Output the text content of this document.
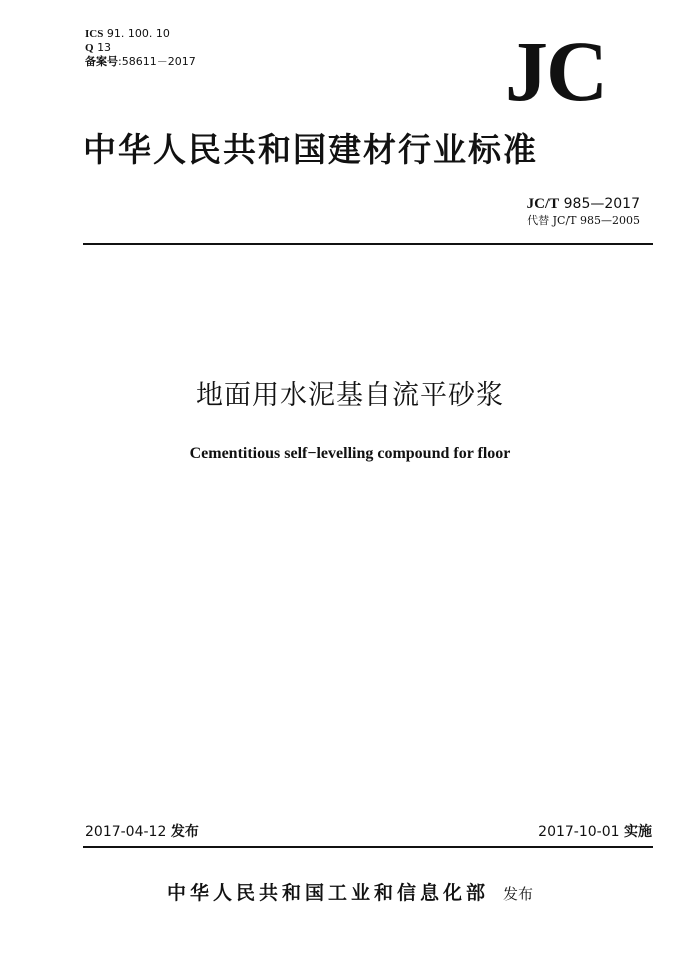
ICS 91. 100. 10
Q 13
备案号:58611－2017	JC
中华人民共和国建材行业标准
JC/T 985—2017
代替 JC/T 985—2005
地面用水泥基自流平砂浆
Cementitious self−levelling compound for floor
2017-04-12 发布	2017-10-01 实施
中华人民共和国工业和信息化部 发布
